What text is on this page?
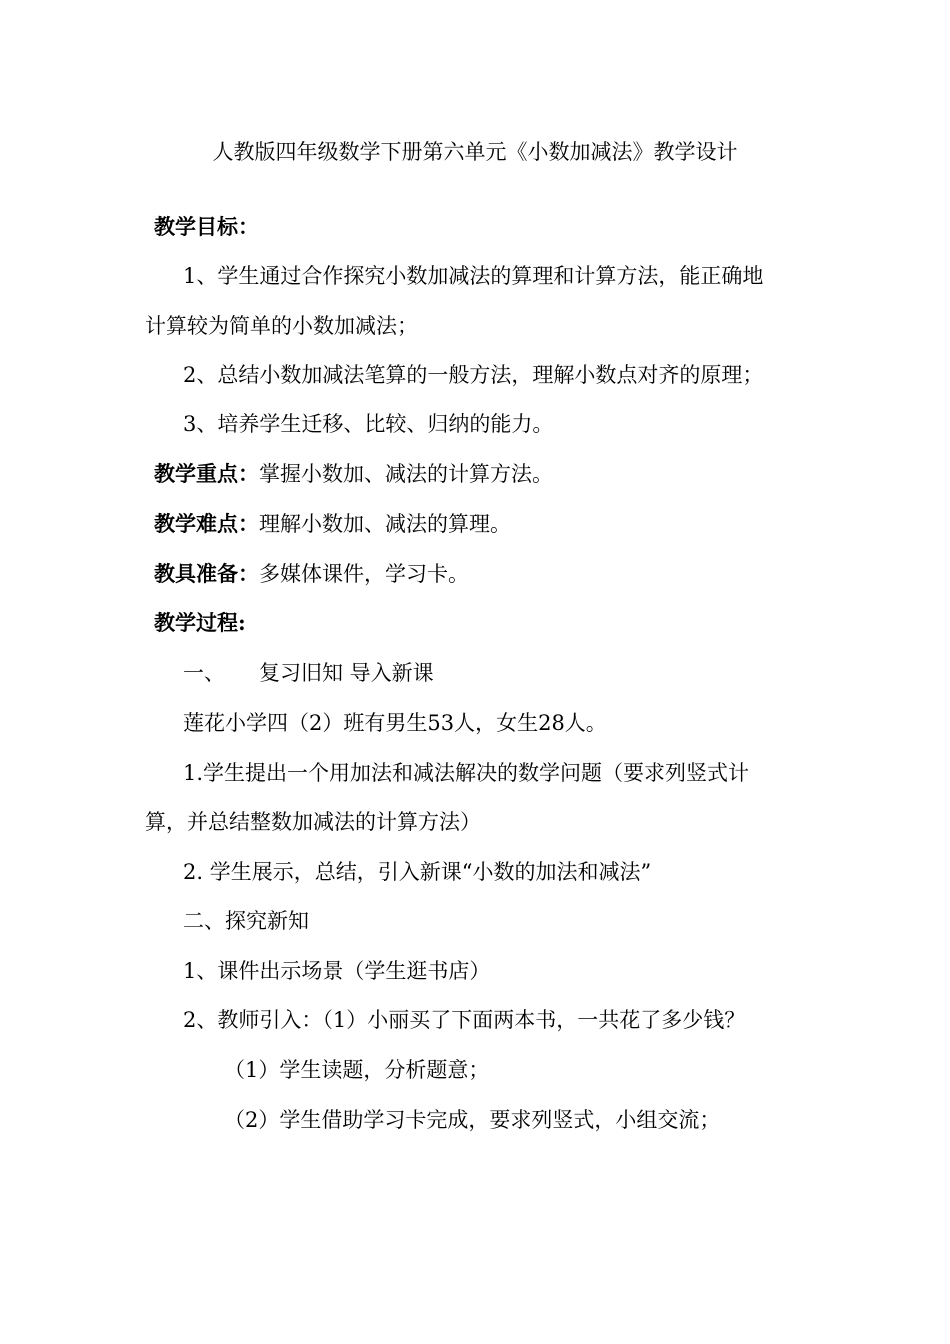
人教版四年级数学下册第六单元《小数加减法》教学设计
教学目标：
1、学生通过合作探究小数加减法的算理和计算方法，能正确地
计算较为简单的小数加减法；
2、总结小数加减法笔算的一般方法，理解小数点对齐的原理；
3、培养学生迁移、比较、归纳的能力。
教学重点：掌握小数加、减法的计算方法。
教学难点：理解小数加、减法的算理。
教具准备：多媒体课件，学习卡。
教学过程:
一、 复习旧知 导入新课
莲花小学四（2）班有男生53人，女生28人。
1.学生提出一个用加法和减法解决的数学问题（要求列竖式计
算，并总结整数加减法的计算方法）
2. 学生展示，总结，引入新课“小数的加法和减法”
二、探究新知
1、课件出示场景（学生逛书店）
2、教师引入：（1）小丽买了下面两本书，一共花了多少钱？
（1）学生读题，分析题意；
（2）学生借助学习卡完成，要求列竖式，小组交流；
